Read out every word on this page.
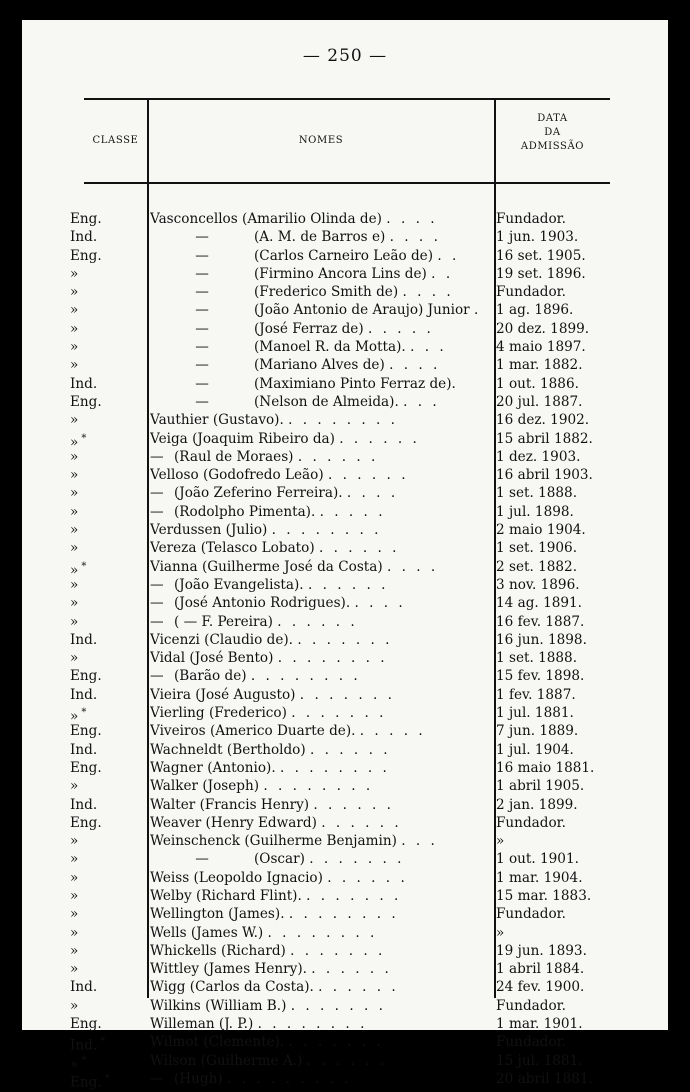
— 250 —
CLASSE	NOMES
DATA
DA
ADMISSÃO
Eng.	Vasconcellos (Amarilio Olinda de) . . . .	Fundador.
Ind.	—	(A. M. de Barros e) . . . .	1 jun. 1903.
Eng.	—	(Carlos Carneiro Leão de) . .	16 set. 1905.
»	—	(Firmino Ancora Lins de) . .	19 set. 1896.
»	—	(Frederico Smith de) . . . .	Fundador.
»	—	(João Antonio de Araujo) Junior .	1 ag. 1896.
»	—	(José Ferraz de) . . . . .	20 dez. 1899.
»	—	(Manoel R. da Motta). . . .	4 maio 1897.
»	—	(Mariano Alves de) . . . .	1 mar. 1882.
Ind.	—	(Maximiano Pinto Ferraz de).	1 out. 1886.
Eng.	—	(Nelson de Almeida). . . .	20 jul. 1887.
»	Vauthier (Gustavo). . . . . . . . .	16 dez. 1902.
» *	Veiga (Joaquim Ribeiro da) . . . . . .	15 abril 1882.
»	— (Raul de Moraes) . . . . . .	1 dez. 1903.
»	Velloso (Godofredo Leão) . . . . . .	16 abril 1903.
»	— (João Zeferino Ferreira). . . . .	1 set. 1888.
»	— (Rodolpho Pimenta). . . . . .	1 jul. 1898.
»	Verdussen (Julio) . . . . . . . .	2 maio 1904.
»	Vereza (Telasco Lobato) . . . . . .	1 set. 1906.
» *	Vianna (Guilherme José da Costa) . . . .	2 set. 1882.
»	— (João Evangelista). . . . . . .	3 nov. 1896.
»	— (José Antonio Rodrigues). . . . .	14 ag. 1891.
»	— ( — F. Pereira) . . . . . .	16 fev. 1887.
Ind.	Vicenzi (Claudio de). . . . . . . .	16 jun. 1898.
»	Vidal (José Bento) . . . . . . . .	1 set. 1888.
Eng.	— (Barão de) . . . . . . . .	15 fev. 1898.
Ind.	Vieira (José Augusto) . . . . . . .	1 fev. 1887.
» *	Vierling (Frederico) . . . . . . .	1 jul. 1881.
Eng.	Viveiros (Americo Duarte de). . . . . .	7 jun. 1889.
Ind.	Wachneldt (Bertholdo) . . . . . .	1 jul. 1904.
Eng.	Wagner (Antonio). . . . . . . . .	16 maio 1881.
»	Walker (Joseph) . . . . . . . .	1 abril 1905.
Ind.	Walter (Francis Henry) . . . . . .	2 jan. 1899.
Eng.	Weaver (Henry Edward) . . . . . .	Fundador.
»	Weinschenck (Guilherme Benjamin) . . .	»
»	—	(Oscar) . . . . . . .	1 out. 1901.
»	Weiss (Leopoldo Ignacio) . . . . . .	1 mar. 1904.
»	Welby (Richard Flint). . . . . . . .	15 mar. 1883.
»	Wellington (James). . . . . . . . .	Fundador.
»	Wells (James W.) . . . . . . . .	»
»	Whickells (Richard) . . . . . . .	19 jun. 1893.
»	Wittley (James Henry). . . . . . .	1 abril 1884.
Ind.	Wigg (Carlos da Costa). . . . . . .	24 fev. 1900.
»	Wilkins (William B.) . . . . . . .	Fundador.
Eng.	Willeman (J. P.) . . . . . . . .	1 mar. 1901.
Ind. *	Wilmot (Clemente). . . . . . . .	Fundador.
» *	Wilson (Guilherme A.) . . . . . .	15 jul. 1881.
Eng. *	— (Hugh) . . . . . . . . .	20 abril 1881.
